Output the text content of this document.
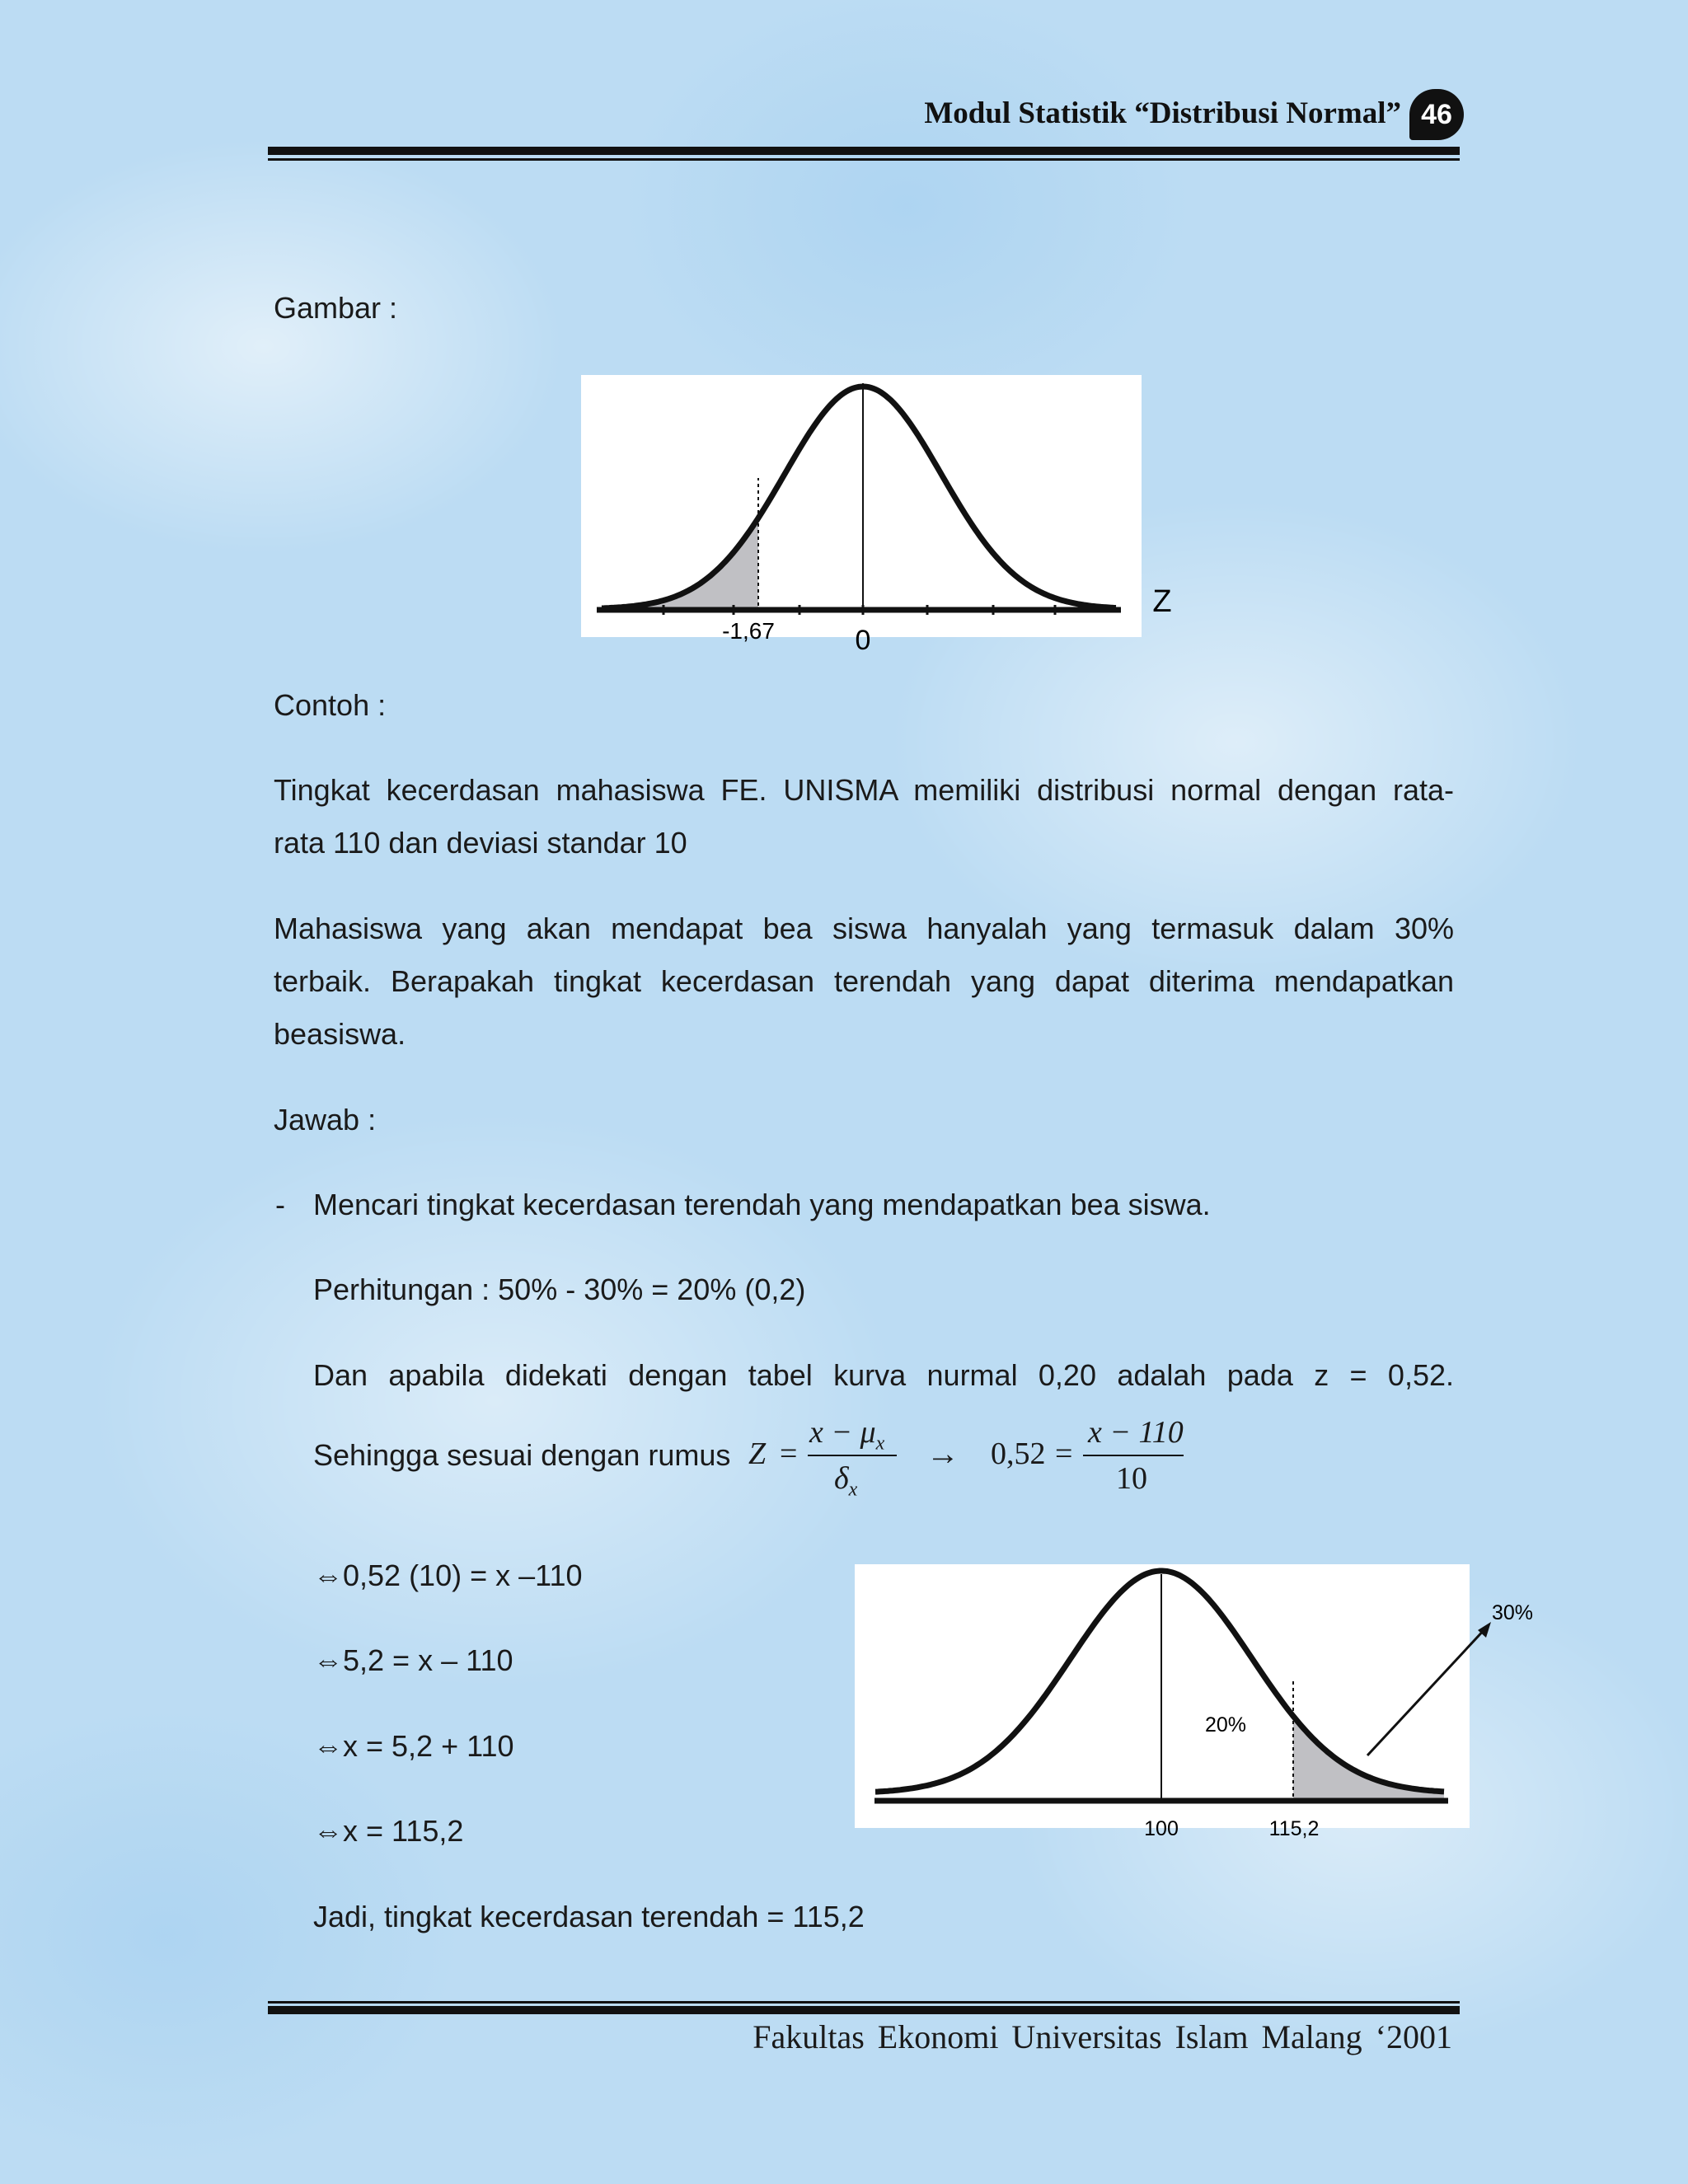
Modul Statistik “Distribusi Normal” 46
Gambar :
-1,67	0
Z
Contoh :
Tingkat kecerdasan mahasiswa FE. UNISMA memiliki distribusi normal dengan rata-
rata 110 dan deviasi standar 10
Mahasiswa yang akan mendapat bea siswa hanyalah yang termasuk dalam 30%
terbaik. Berapakah tingkat kecerdasan terendah yang dapat diterima mendapatkan
beasiswa.
Jawab :
- Mencari tingkat kecerdasan terendah yang mendapatkan bea siswa.
Perhitungan : 50% - 30% = 20% (0,2)
Dan apabila didekati dengan tabel kurva nurmal 0,20 adalah pada z = 0,52.
Sehingga sesuai dengan rumus Z =
$x - \mu_x$
$\delta_x$
→ 0,52 =
x − 110
10
⇔0,52 (10) = x –110
⇔5,2 = x – 110
⇔x = 5,2 + 110
⇔x = 115,2
Jadi, tingkat kecerdasan terendah = 115,2
20%
100	115,2
30%
Fakultas Ekonomi Universitas Islam Malang ‘2001
